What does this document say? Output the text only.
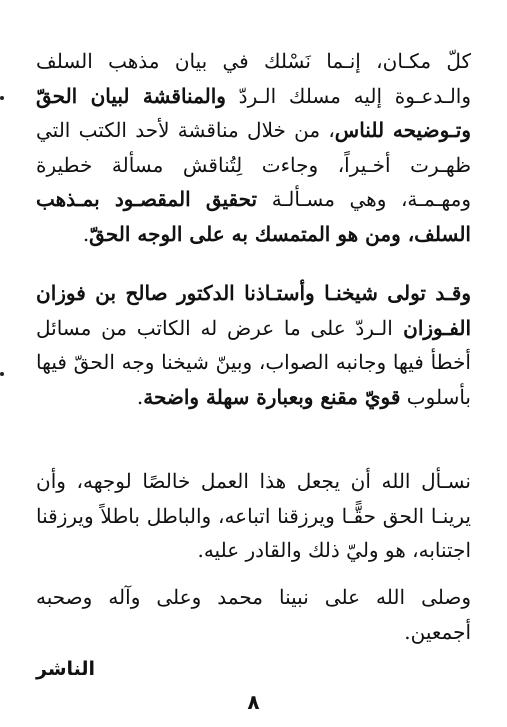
كلّ مكـان، إنـما نَسْلك في بيان مذهب السلف والـدعـوة إليه مسلك الـردّ والمناقشة لبيان الحقّ وتـوضيحه للناس، من خلال مناقشة لأحد الكتب التي ظهـرت أخـيراً، وجاءت لِتُناقش مسألة خطيرة ومهـمـة، وهي مسـألـة تحقيق المقصـود بمـذهب السلف، ومن هو المتمسك به على الوجه الحقّ.

وقـد تولى شيخنـا وأستـاذنا الدكتور صالح بن فوزان الفـوزان الـردّ على ما عرض له الكاتب من مسائل أخطأ فيها وجانبه الصواب، وبينّ شيخنا وجه الحقّ فيها بأسلوب قويّ مقنع وبعبارة سهلة واضحة.

نسـأل الله أن يجعل هذا العمل خالصًا لوجهه، وأن يرينـا الحق حقًّـا ويرزقنا اتباعه، والباطل باطلاً ويرزقنا اجتنابه، هو وليّ ذلك والقادر عليه.

وصلى الله على نبينا محمد وعلى وآله وصحبه أجمعين.

الناشر
٨
